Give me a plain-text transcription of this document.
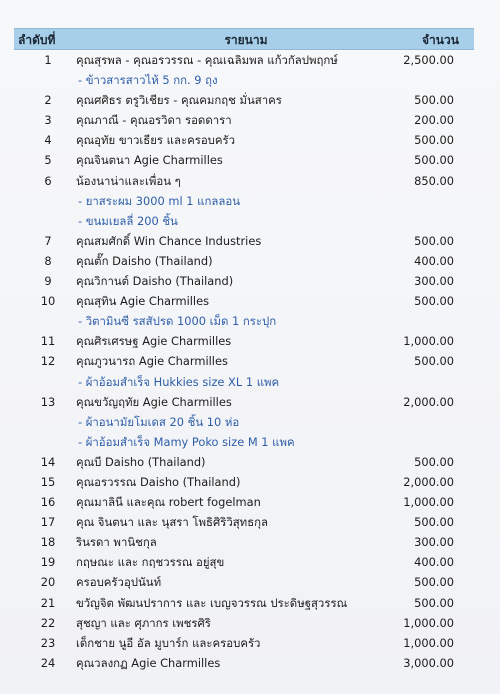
ลำดับที่	รายนาม	จำนวน
1	คุณสุรพล - คุณอรวรรณ - คุณเฉลิมพล แก้วกัลปพฤกษ์	2,500.00
- ข้าวสารสาวไห้ 5 กก. 9 ถุง
2	คุณศศิธร ตรูวิเชียร - คุณคมกฤช มั่นสาคร	500.00
3	คุณภาณี - คุณอรวิดา รอดดารา	200.00
4	คุณอุทัย ขาวเธียร และครอบครัว	500.00
5	คุณจินตนา Agie Charmilles	500.00
6	น้องนาน่าและเพื่อน ๆ	850.00
- ยาสระผม 3000 ml 1 แกลลอน
- ขนมเยลลี่ 200 ชิ้น
7	คุณสมศักดิ์ Win Chance Industries	500.00
8	คุณตั๊ก Daisho (Thailand)	400.00
9	คุณวิกานต์ Daisho (Thailand)	300.00
10 คุณสุทิน Agie Charmilles	500.00
- วิตามินซี รสสัปรด 1000 เม็ด 1 กระปุก
11 คุณศิรเศรษฐ Agie Charmilles	1,000.00
12 คุณภูวนารถ Agie Charmilles	500.00
- ผ้าอ้อมสำเร็จ Hukkies size XL 1 แพค
13 คุณขวัญฤทัย Agie Charmilles	2,000.00
- ผ้าอนามัยโมเดส 20 ชิ้น 10 ห่อ
- ผ้าอ้อมสำเร็จ Mamy Poko size M 1 แพค
14 คุณบี Daisho (Thailand)	500.00
15 คุณอรวรรณ Daisho (Thailand)	2,000.00
16 คุณมาลินี และคุณ robert fogelman	1,000.00
17 คุณ จินตนา และ นุสรา โพธิศิริวิสุทธกุล	500.00
18 รินรดา พานิชกุล	300.00
19 กฤษณะ และ กฤชวรรณ อยู่สุข	400.00
20 ครอบครัวอุปนันท์	500.00
21 ขวัญจิต พัฒนปราการ และ เบญจวรรณ ประดิษฐสุวรรณ	500.00
22 สุชญา และ ศุภากร เพชรศิริ	1,000.00
23 เด็กชาย นูอี อัล มูบาร์ก และครอบครัว	1,000.00
24 คุณวลงกฏ Agie Charmilles	3,000.00
